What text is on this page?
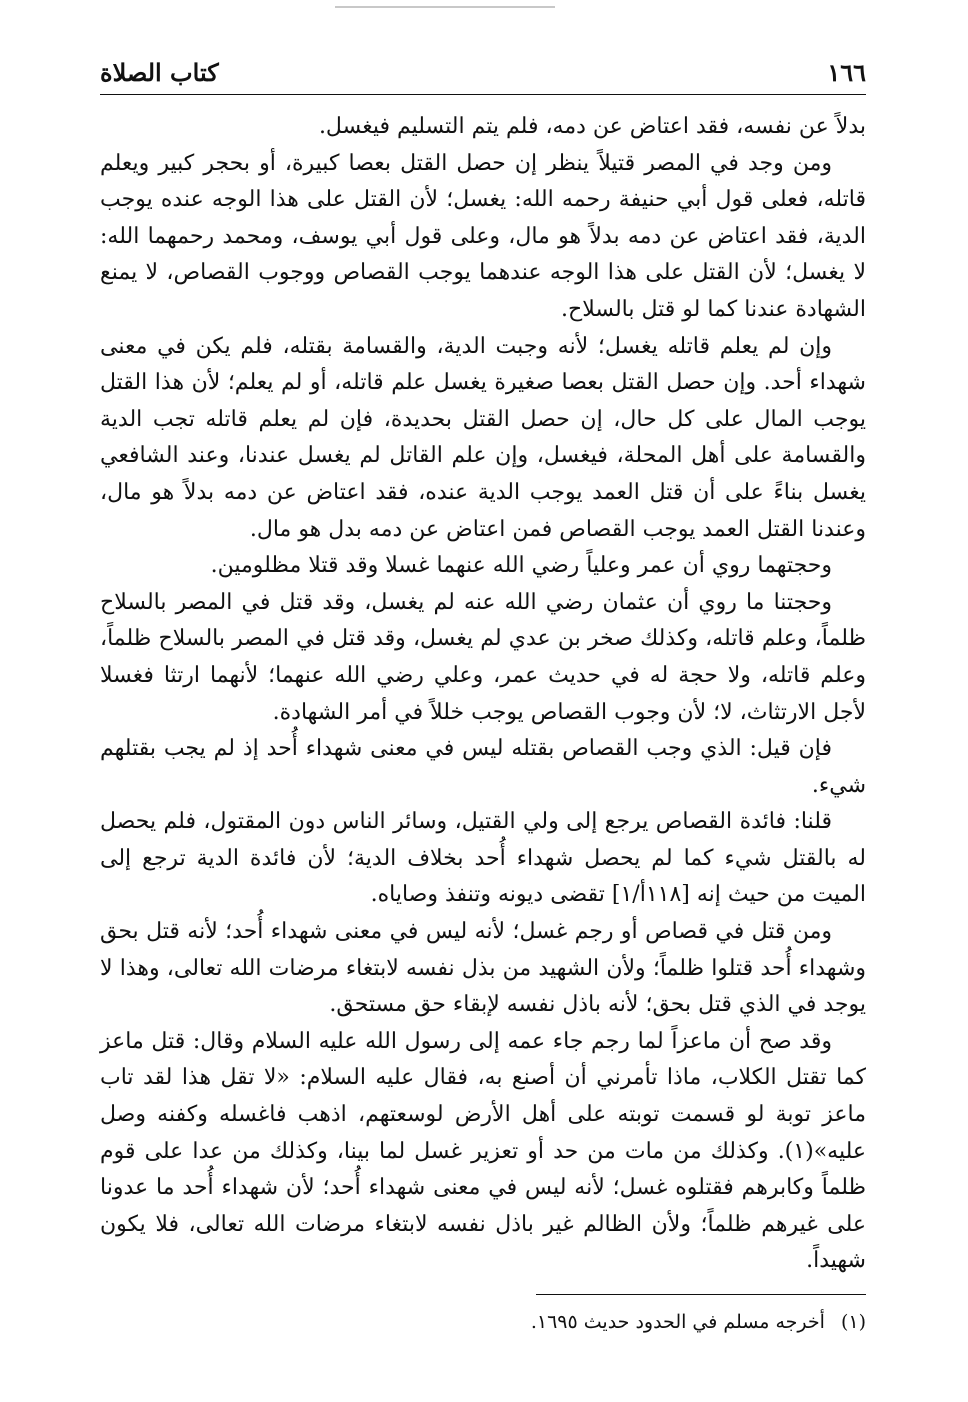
١٦٦
كتاب الصلاة

بدلاً عن نفسه، فقد اعتاض عن دمه، فلم يتم التسليم فيغسل.

ومن وجد في المصر قتيلاً ينظر إن حصل القتل بعصا كبيرة، أو بحجر كبير ويعلم قاتله، فعلى قول أبي حنيفة رحمه الله: يغسل؛ لأن القتل على هذا الوجه عنده يوجب الدية، فقد اعتاض عن دمه بدلاً هو مال، وعلى قول أبي يوسف، ومحمد رحمهما الله: لا يغسل؛ لأن القتل على هذا الوجه عندهما يوجب القصاص ووجوب القصاص، لا يمنع الشهادة عندنا كما لو قتل بالسلاح.

وإن لم يعلم قاتله يغسل؛ لأنه وجبت الدية، والقسامة بقتله، فلم يكن في معنى شهداء أحد. وإن حصل القتل بعصا صغيرة يغسل علم قاتله، أو لم يعلم؛ لأن هذا القتل يوجب المال على كل حال، إن حصل القتل بحديدة، فإن لم يعلم قاتله تجب الدية والقسامة على أهل المحلة، فيغسل، وإن علم القاتل لم يغسل عندنا، وعند الشافعي يغسل بناءً على أن قتل العمد يوجب الدية عنده، فقد اعتاض عن دمه بدلاً هو مال، وعندنا القتل العمد يوجب القصاص فمن اعتاض عن دمه بدل هو مال.

وحجتهما روي أن عمر وعلياً رضي الله عنهما غسلا وقد قتلا مظلومين.

وحجتنا ما روي أن عثمان رضي الله عنه لم يغسل، وقد قتل في المصر بالسلاح ظلماً، وعلم قاتله، وكذلك صخر بن عدي لم يغسل، وقد قتل في المصر بالسلاح ظلماً، وعلم قاتله، ولا حجة له في حديث عمر، وعلي رضي الله عنهما؛ لأنهما ارتثا فغسلا لأجل الارتثاث، لا؛ لأن وجوب القصاص يوجب خللاً في أمر الشهادة.

فإن قيل: الذي وجب القصاص بقتله ليس في معنى شهداء أُحد إذ لم يجب بقتلهم شيء.

قلنا: فائدة القصاص يرجع إلى ولي القتيل، وسائر الناس دون المقتول، فلم يحصل له بالقتل شيء كما لم يحصل شهداء أُحد بخلاف الدية؛ لأن فائدة الدية ترجع إلى الميت من حيث إنه [١١٨أ/١] تقضى ديونه وتنفذ وصاياه.

ومن قتل في قصاص أو رجم غسل؛ لأنه ليس في معنى شهداء أُحد؛ لأنه قتل بحق وشهداء أُحد قتلوا ظلماً؛ ولأن الشهيد من بذل نفسه لابتغاء مرضات الله تعالى، وهذا لا يوجد في الذي قتل بحق؛ لأنه باذل نفسه لإبقاء حق مستحق.

وقد صح أن ماعزاً لما رجم جاء عمه إلى رسول الله عليه السلام وقال: قتل ماعز كما تقتل الكلاب، ماذا تأمرني أن أصنع به، فقال عليه السلام: «لا تقل هذا لقد تاب ماعز توبة لو قسمت توبته على أهل الأرض لوسعتهم، اذهب فاغسله وكفنه وصل عليه»(١). وكذلك من مات من حد أو تعزير غسل لما بينا، وكذلك من عدا على قوم ظلماً وكابرهم فقتلوه غسل؛ لأنه ليس في معنى شهداء أُحد؛ لأن شهداء أُحد ما عدونا على غيرهم ظلماً؛ ولأن الظالم غير باذل نفسه لابتغاء مرضات الله تعالى، فلا يكون شهيداً.

(١)أخرجه مسلم في الحدود حديث ١٦٩٥.
